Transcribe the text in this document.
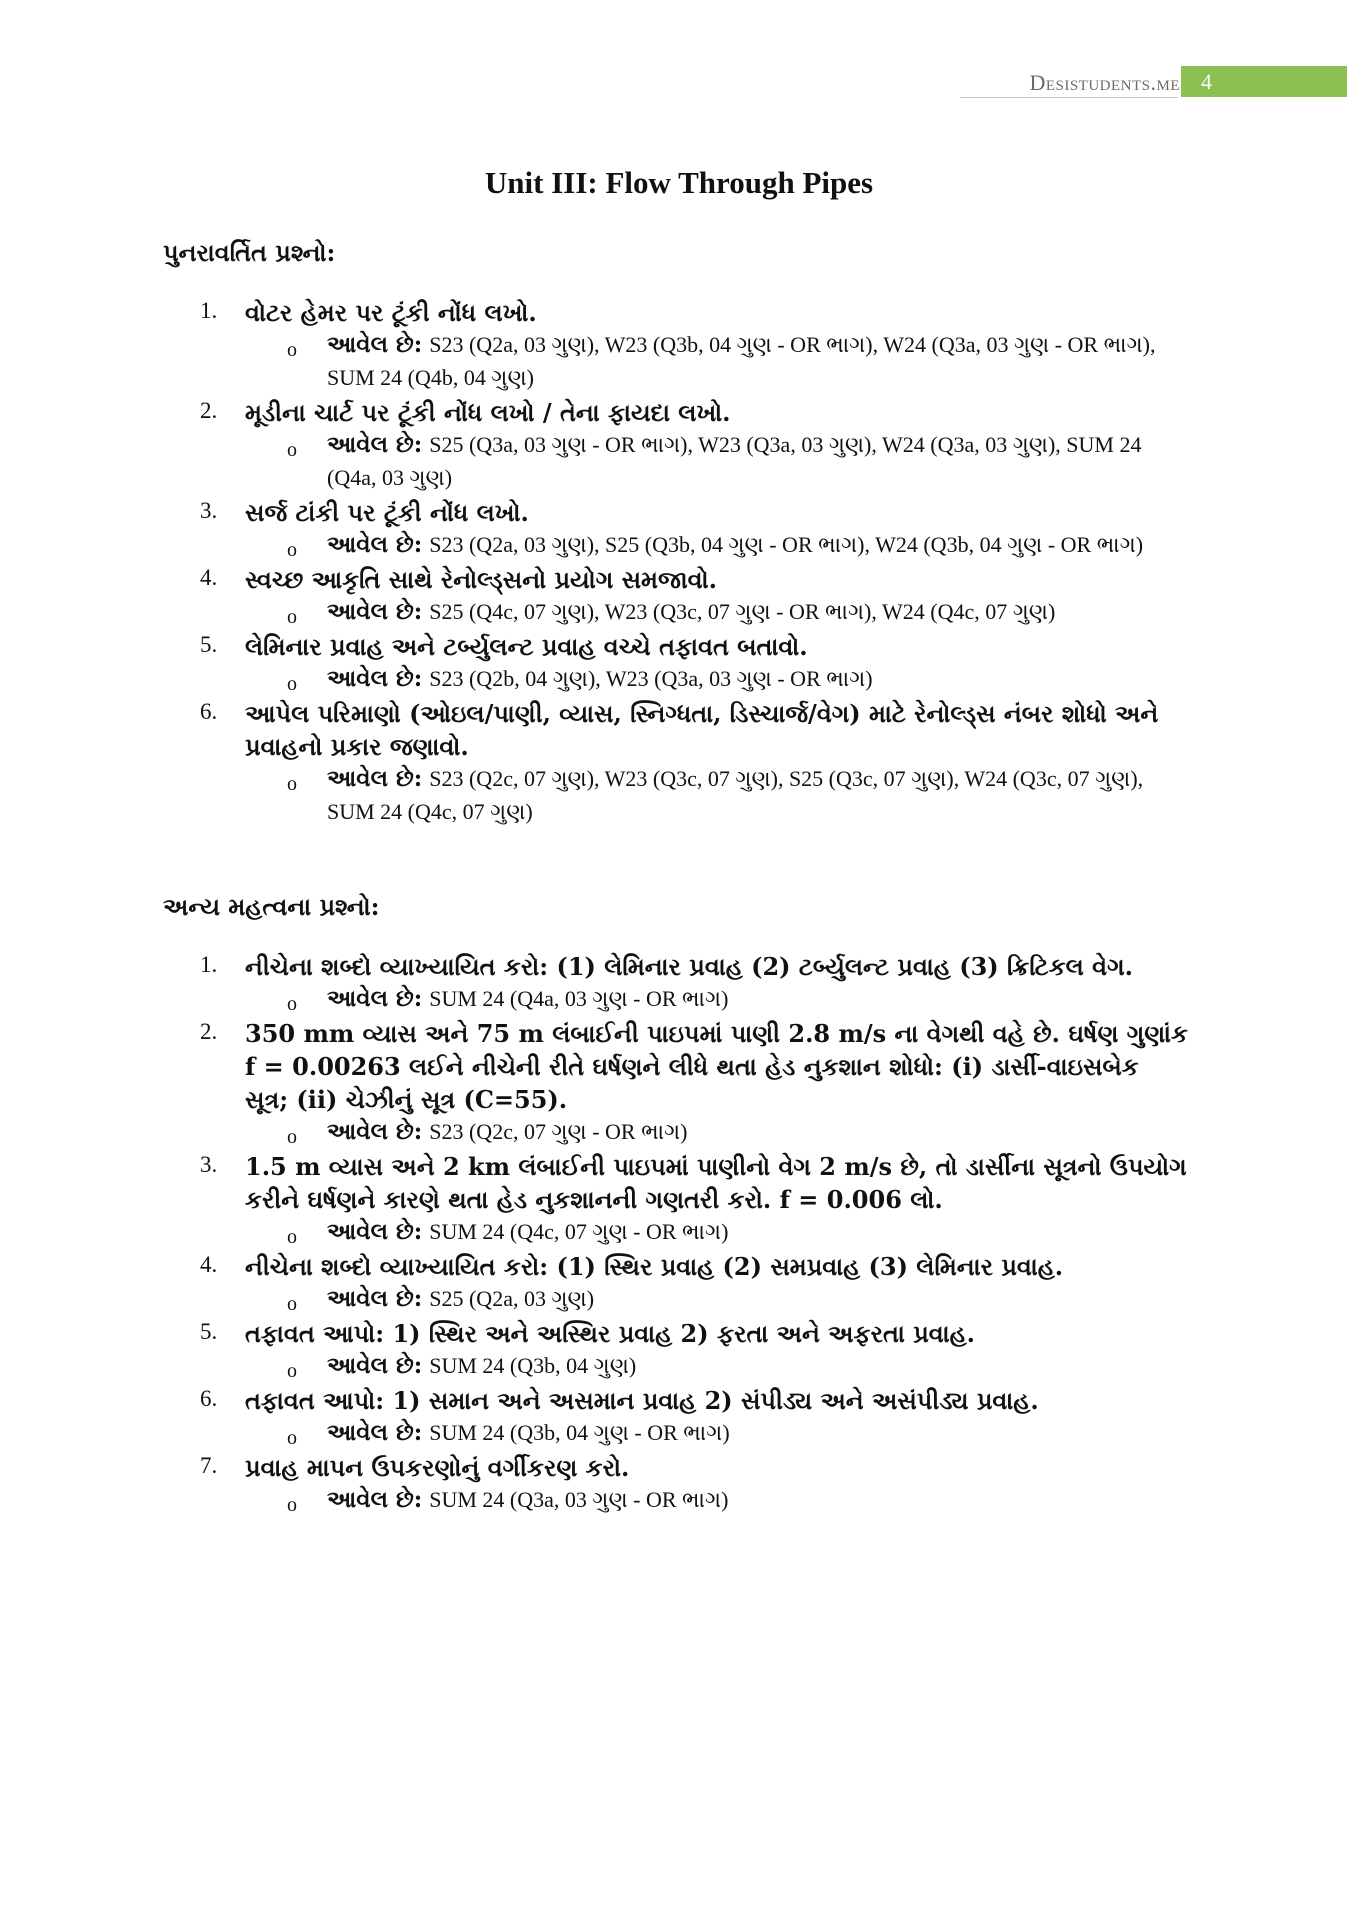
Desistudents.me 4
Unit III: Flow Through Pipes
પુનરાવર્તિત પ્રશ્નો:
1. વોટર હેમર પર ટૂંકી નોંધ લખો.
o આવેલ છે: S23 (Q2a, 03 ગુણ), W23 (Q3b, 04 ગુણ - OR ભાગ), W24 (Q3a, 03 ગુણ - OR ભાગ), SUM 24 (Q4b, 04 ગુણ)
2. મૂડીના ચાર્ટ પર ટૂંકી નોંધ લખો / તેના ફાયદા લખો.
o આવેલ છે: S25 (Q3a, 03 ગુણ - OR ભાગ), W23 (Q3a, 03 ગુણ), W24 (Q3a, 03 ગુણ), SUM 24 (Q4a, 03 ગુણ)
3. સર્જ ટાંકી પર ટૂંકી નોંધ લખો.
o આવેલ છે: S23 (Q2a, 03 ગુણ), S25 (Q3b, 04 ગુણ - OR ભાગ), W24 (Q3b, 04 ગુણ - OR ભાગ)
4. સ્વચ્છ આકૃતિ સાથે રેનોલ્ડ્સનો પ્રયોગ સમજાવો.
o આવેલ છે: S25 (Q4c, 07 ગુણ), W23 (Q3c, 07 ગુણ - OR ભાગ), W24 (Q4c, 07 ગુણ)
5. લેમિનાર પ્રવાહ અને ટર્બ્યુલન્ટ પ્રવાહ વચ્ચે તફાવત બતાવો.
o આવેલ છે: S23 (Q2b, 04 ગુણ), W23 (Q3a, 03 ગુણ - OR ભાગ)
6. આપેલ પરિમાણો (ઓઇલ/પાણી, વ્યાસ, સ્નિગ્ધતા, ડિસ્ચાર્જ/વેગ) માટે રેનોલ્ડ્સ નંબર શોધો અને પ્રવાહનો પ્રકાર જણાવો.
o આવેલ છે: S23 (Q2c, 07 ગુણ), W23 (Q3c, 07 ગુણ), S25 (Q3c, 07 ગુણ), W24 (Q3c, 07 ગુણ), SUM 24 (Q4c, 07 ગુણ)
અન્ય મહત્વના પ્રશ્નો:
1. નીચેના શબ્દો વ્યાખ્યાયિત કરો: (1) લેમિનાર પ્રવાહ (2) ટર્બ્યુલન્ટ પ્રવાહ (3) ક્રિટિકલ વેગ.
o આવેલ છે: SUM 24 (Q4a, 03 ગુણ - OR ભાગ)
2. 350 mm વ્યાસ અને 75 m લંબાઈની પાઇપમાં પાણી 2.8 m/s ના વેગથી વહે છે. ઘર્ષણ ગુણાંક f = 0.00263 લઈને નીચેની રીતે ઘર્ષણને લીધે થતા હેડ નુકશાન શોધો: (i) ડાર્સી-વાઇસબેક સૂત્ર; (ii) ચેઝીનું સૂત્ર (C=55).
o આવેલ છે: S23 (Q2c, 07 ગુણ - OR ભાગ)
3. 1.5 m વ્યાસ અને 2 km લંબાઈની પાઇપમાં પાણીનો વેગ 2 m/s છે, તો ડાર્સીના સૂત્રનો ઉપયોગ કરીને ઘર્ષણને કારણે થતા હેડ નુકશાનની ગણતરી કરો. f = 0.006 લો.
o આવેલ છે: SUM 24 (Q4c, 07 ગુણ - OR ભાગ)
4. નીચેના શબ્દો વ્યાખ્યાયિત કરો: (1) સ્થિર પ્રવાહ (2) સમપ્રવાહ (3) લેમિનાર પ્રવાહ.
o આવેલ છે: S25 (Q2a, 03 ગુણ)
5. તફાવત આપો: 1) સ્થિર અને અસ્થિર પ્રવાહ 2) ફરતા અને અફરતા પ્રવાહ.
o આવેલ છે: SUM 24 (Q3b, 04 ગુણ)
6. તફાવત આપો: 1) સમાન અને અસમાન પ્રવાહ 2) સંપીડ્ય અને અસંપીડ્ય પ્રવાહ.
o આવેલ છે: SUM 24 (Q3b, 04 ગુણ - OR ભાગ)
7. પ્રવાહ માપન ઉપકરણોનું વર્ગીકરણ કરો.
o આવેલ છે: SUM 24 (Q3a, 03 ગુણ - OR ભાગ)
